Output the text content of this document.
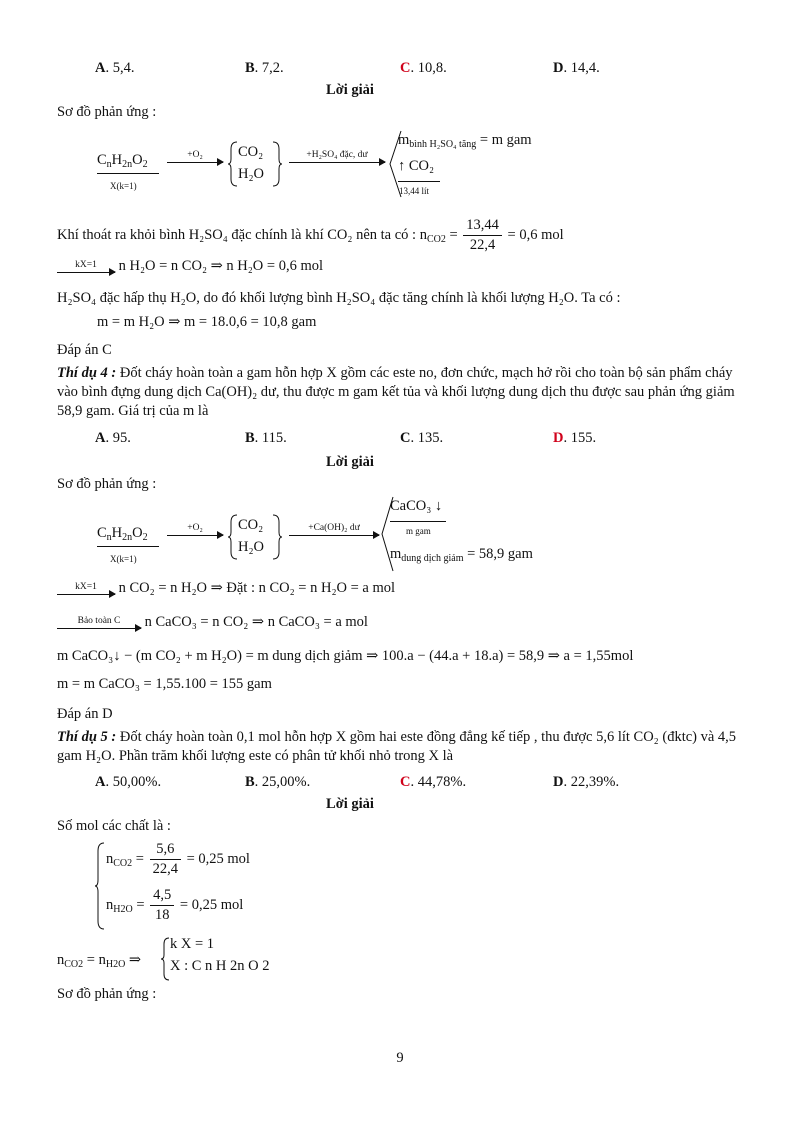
A. 5,4.	B. 7,2.	C. 10,8.	D. 14,4.
Lời giải
Sơ đồ phản ứng :
$C_nH_{2n}O_2$
X(k=1)
+O₂	CO₂
H₂O
+H₂SO₄ đặc, dư
$m_{bình H_2SO_4 tăng} = m$ gam
↑ CO₂
13,44 lít
Khí thoát ra khỏi bình H₂SO₄ đặc chính là khí CO₂ nên ta có : $n_{CO2} = \frac{13,44}{22,4} = 0,6$ mol
kX=1	n H₂O = n CO₂ ⇒ n H₂O = 0,6 mol
H₂SO₄ đặc hấp thụ H₂O, do đó khối lượng bình H₂SO₄ đặc tăng chính là khối lượng H₂O. Ta có :
m = m H₂O ⇒ m = 18.0,6 = 10,8 gam
Đáp án C
Thí dụ 4 : Đốt cháy hoàn toàn a gam hỗn hợp X gồm các este no, đơn chức, mạch hở rồi cho toàn bộ sản phẩm cháy vào bình đựng dung dịch Ca(OH)₂ dư, thu được m gam kết tủa và khối lượng dung dịch thu được sau phản ứng giảm 58,9 gam. Giá trị của m là
A. 95.	B. 115.	C. 135.	D. 155.
Lời giải
Sơ đồ phản ứng :
$C_nH_{2n}O_2$
X(k=1)
+O₂	CO₂
H₂O
+Ca(OH)₂ dư
CaCO₃ ↓
m gam
$m_{dung dịch giảm} = 58,9$ gam
kX=1	n CO₂ = n H₂O ⇒ Đặt : n CO₂ = n H₂O = a mol
Bảo toàn C	n CaCO₃ = n CO₂ ⇒ n CaCO₃ = a mol
m CaCO₃↓ − (m CO₂ + m H₂O) = m dung dịch giảm ⇒ 100.a − (44.a + 18.a) = 58,9 ⇒ a = 1,55mol
m = m CaCO₃ = 1,55.100 = 155 gam
Đáp án D
Thí dụ 5 : Đốt cháy hoàn toàn 0,1 mol hỗn hợp X gồm hai este đồng đẳng kế tiếp , thu được 5,6 lít CO₂ (đktc) và 4,5 gam H₂O. Phần trăm khối lượng este có phân tử khối nhỏ trong X là
A. 50,00%.	B. 25,00%.	C. 44,78%.	D. 22,39%.
Lời giải
Số mol các chất là :
$n_{CO2} = \frac{5,6}{22,4} = 0,25$ mol
$n_{H2O} = \frac{4,5}{18} = 0,25$ mol
$n_{CO2} = n_{H2O}$ ⇒
k X = 1
X : C n H 2n O 2
Sơ đồ phản ứng :
9
